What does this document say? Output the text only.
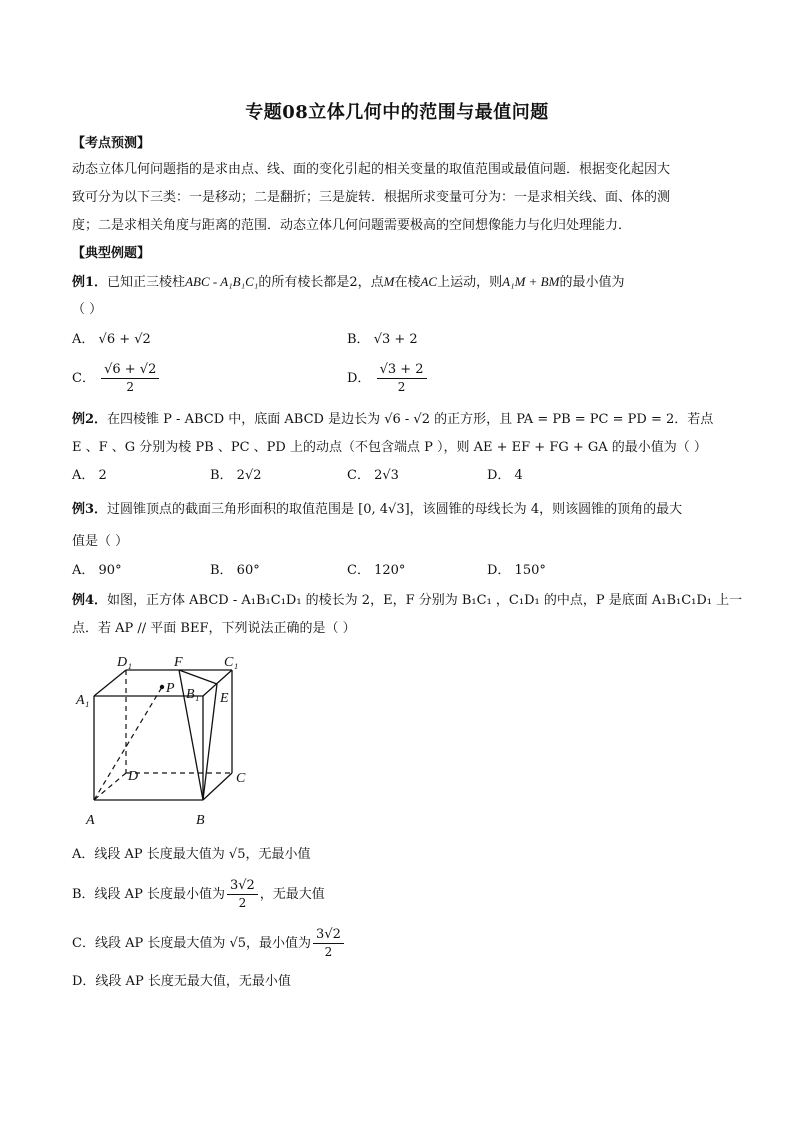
专题08立体几何中的范围与最值问题
【考点预测】
动态立体几何问题指的是求由点、线、面的变化引起的相关变量的取值范围或最值问题．根据变化起因大
致可分为以下三类：一是移动；二是翻折；三是旋转．根据所求变量可分为：一是求相关线、面、体的测
度；二是求相关角度与距离的范围．动态立体几何问题需要极高的空间想像能力与化归处理能力．
【典型例题】
例1．已知正三棱柱ABC - A₁B₁C₁的所有棱长都是2，点M在棱AC上运动，则A₁M + BM的最小值为
（ ）
A． √6 + √2	B． √3 + 2
C． $\frac{√6 + √2}{2}$	D． $\frac{√3 + 2}{2}$
例2．在四棱锥 P - ABCD 中，底面 ABCD 是边长为 √6 - √2 的正方形，且 PA = PB = PC = PD = 2．若点
E 、F 、G 分别为棱 PB 、PC 、PD 上的动点（不包含端点 P ），则 AE + EF + FG + GA 的最小值为（ ）
A． 2	B． 2√2	C． 2√3	D． 4
例3．过圆锥顶点的截面三角形面积的取值范围是 [0, 4√3]，该圆锥的母线长为 4，则该圆锥的顶角的最大
值是（ ）
A． 90°	B． 60°	C． 120°	D． 150°
例4．如图，正方体 ABCD - A₁B₁C₁D₁ 的棱长为 2，E，F 分别为 B₁C₁ ，C₁D₁ 的中点，P 是底面 A₁B₁C₁D₁ 上一
点．若 AP // 平面 BEF，下列说法正确的是（ ）
D₁	F	C₁
A₁
P B₁ E
D	C
A	B
A．线段 AP 长度最大值为 √5，无最小值
B．线段 AP 长度最小值为 $\frac{3√2}{2}$ ，无最大值
C．线段 AP 长度最大值为 √5，最小值为 $\frac{3√2}{2}$
D．线段 AP 长度无最大值，无最小值
